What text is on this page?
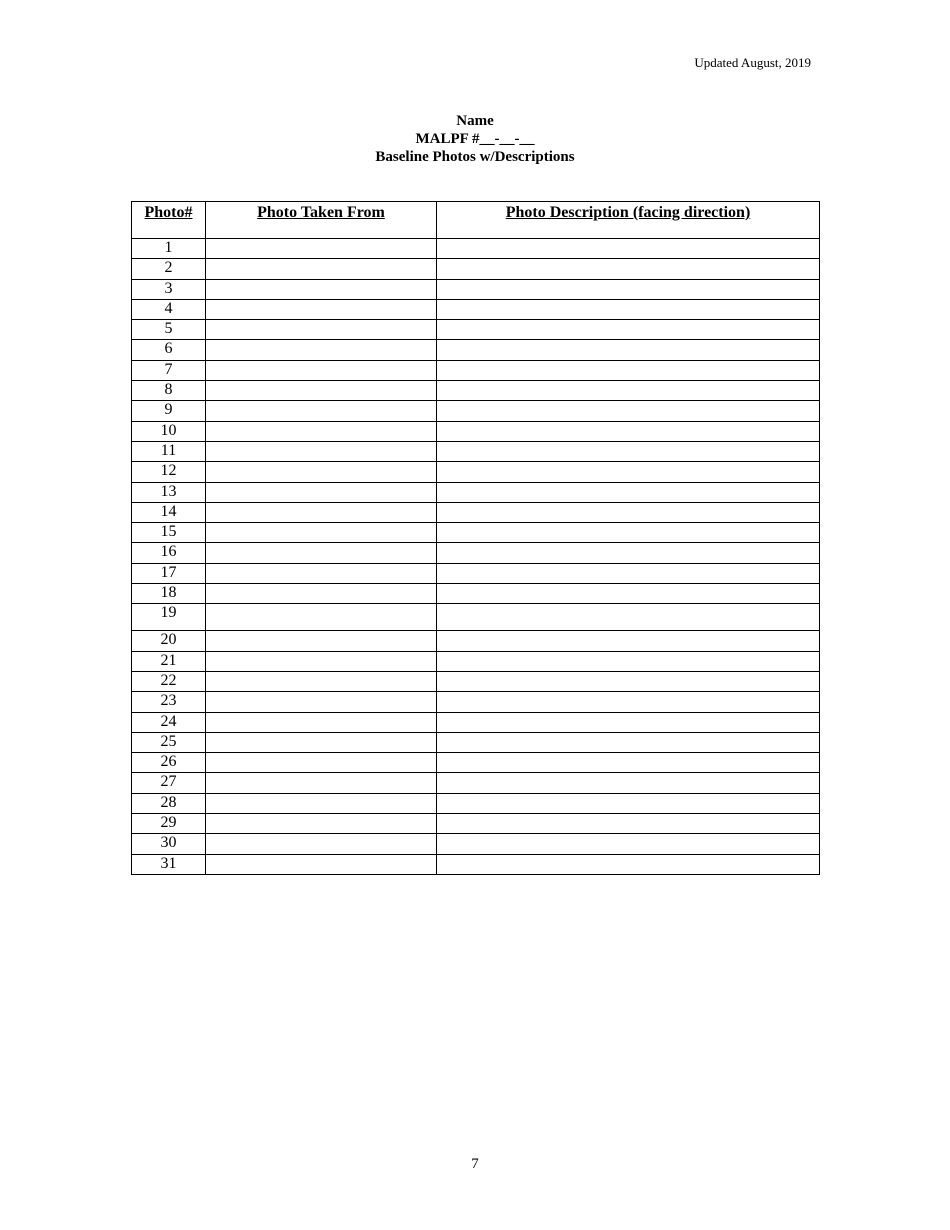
Updated August, 2019
Name
MALPF #__-__-__
Baseline Photos w/Descriptions
Photo#	Photo Taken From	Photo Description (facing direction)
1		
2		
3		
4		
5		
6		
7		
8		
9		
10		
11		
12		
13		
14		
15		
16		
17		
18		
19		
20		
21		
22		
23		
24		
25		
26		
27		
28		
29		
30		
31		
7
